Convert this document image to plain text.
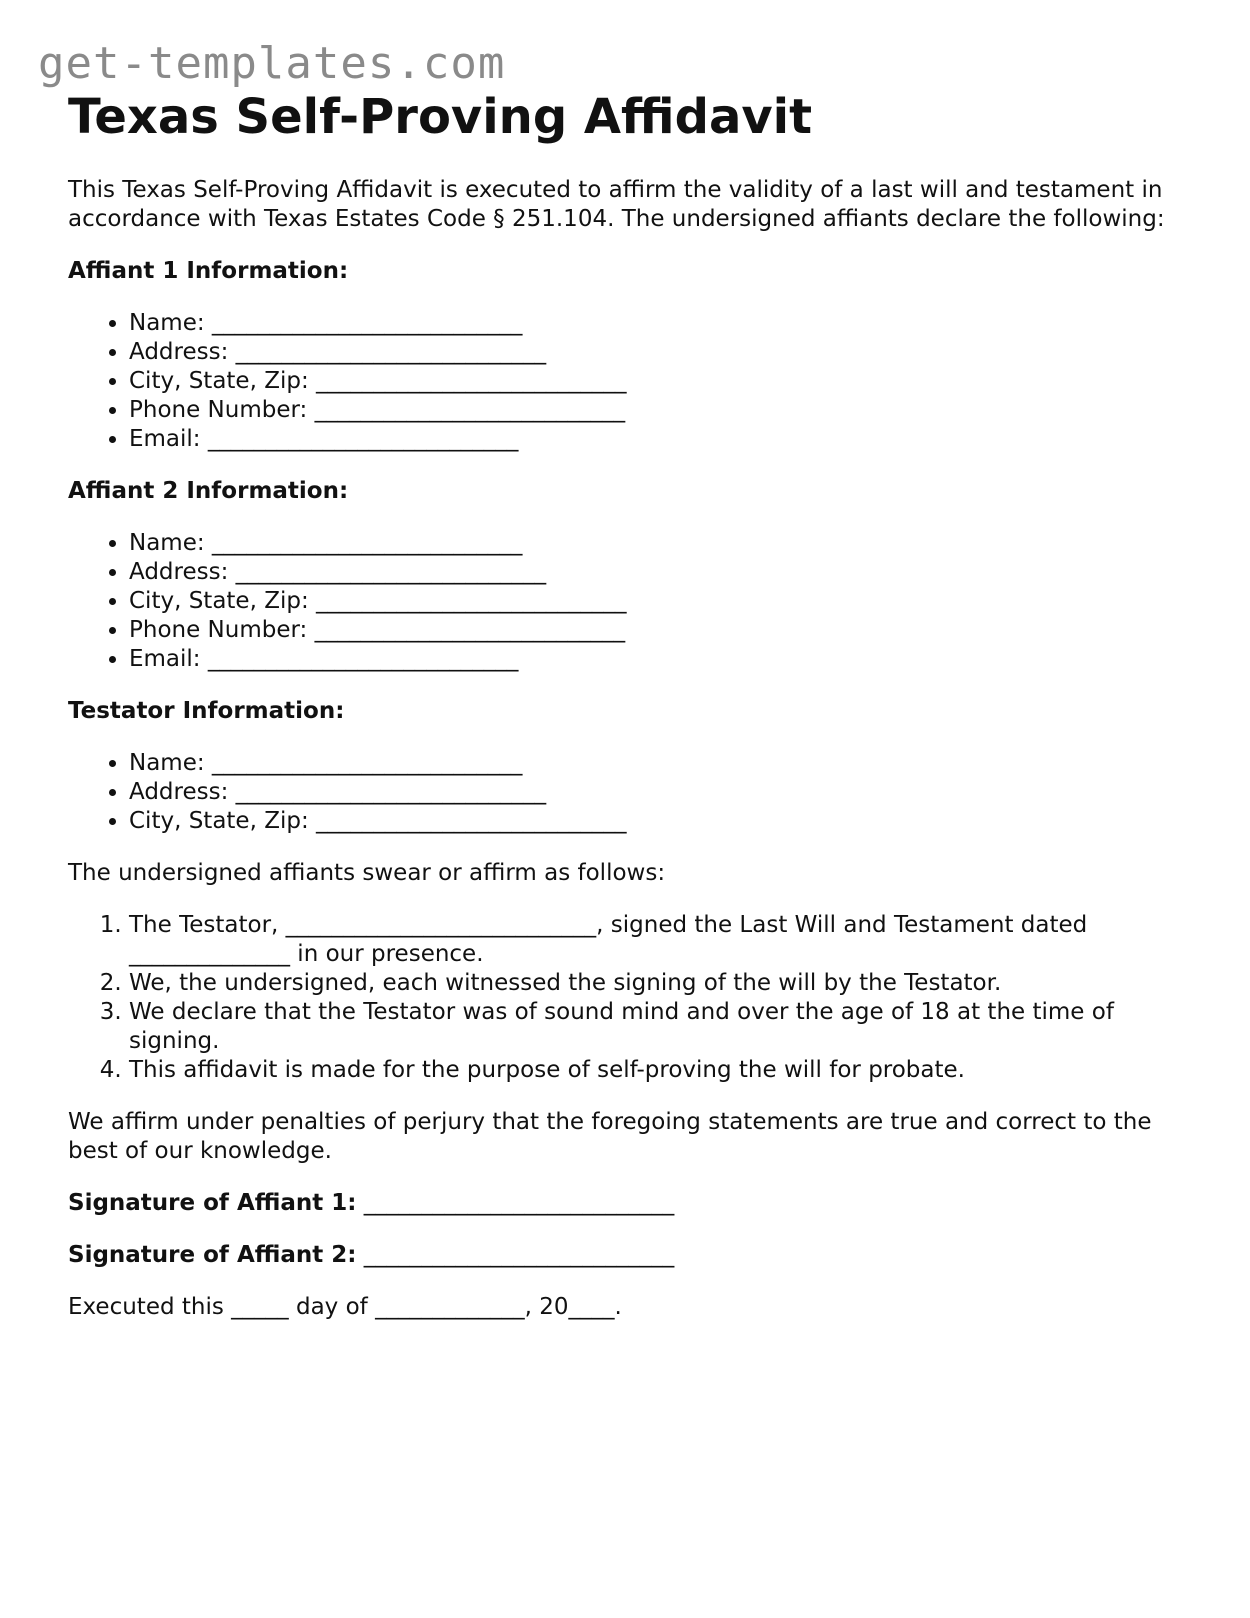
get-templates.com
Texas Self-Proving Affidavit

This Texas Self-Proving Affidavit is executed to affirm the validity of a last will and testament in accordance with Texas Estates Code § 251.104. The undersigned affiants declare the following:

Affiant 1 Information:
• Name: ___________________________
• Address: ___________________________
• City, State, Zip: ___________________________
• Phone Number: ___________________________
• Email: ___________________________
Affiant 2 Information:
• Name: ___________________________
• Address: ___________________________
• City, State, Zip: ___________________________
• Phone Number: ___________________________
• Email: ___________________________
Testator Information:
• Name: ___________________________
• Address: ___________________________
• City, State, Zip: ___________________________

The undersigned affiants swear or affirm as follows:

1. The Testator, ___________________________, signed the Last Will and Testament dated ______________ in our presence.
2. We, the undersigned, each witnessed the signing of the will by the Testator.
3. We declare that the Testator was of sound mind and over the age of 18 at the time of signing.
4. This affidavit is made for the purpose of self-proving the will for probate.

We affirm under penalties of perjury that the foregoing statements are true and correct to the best of our knowledge.

Signature of Affiant 1: ___________________________
Signature of Affiant 2: ___________________________

Executed this _____ day of _____________, 20____.
